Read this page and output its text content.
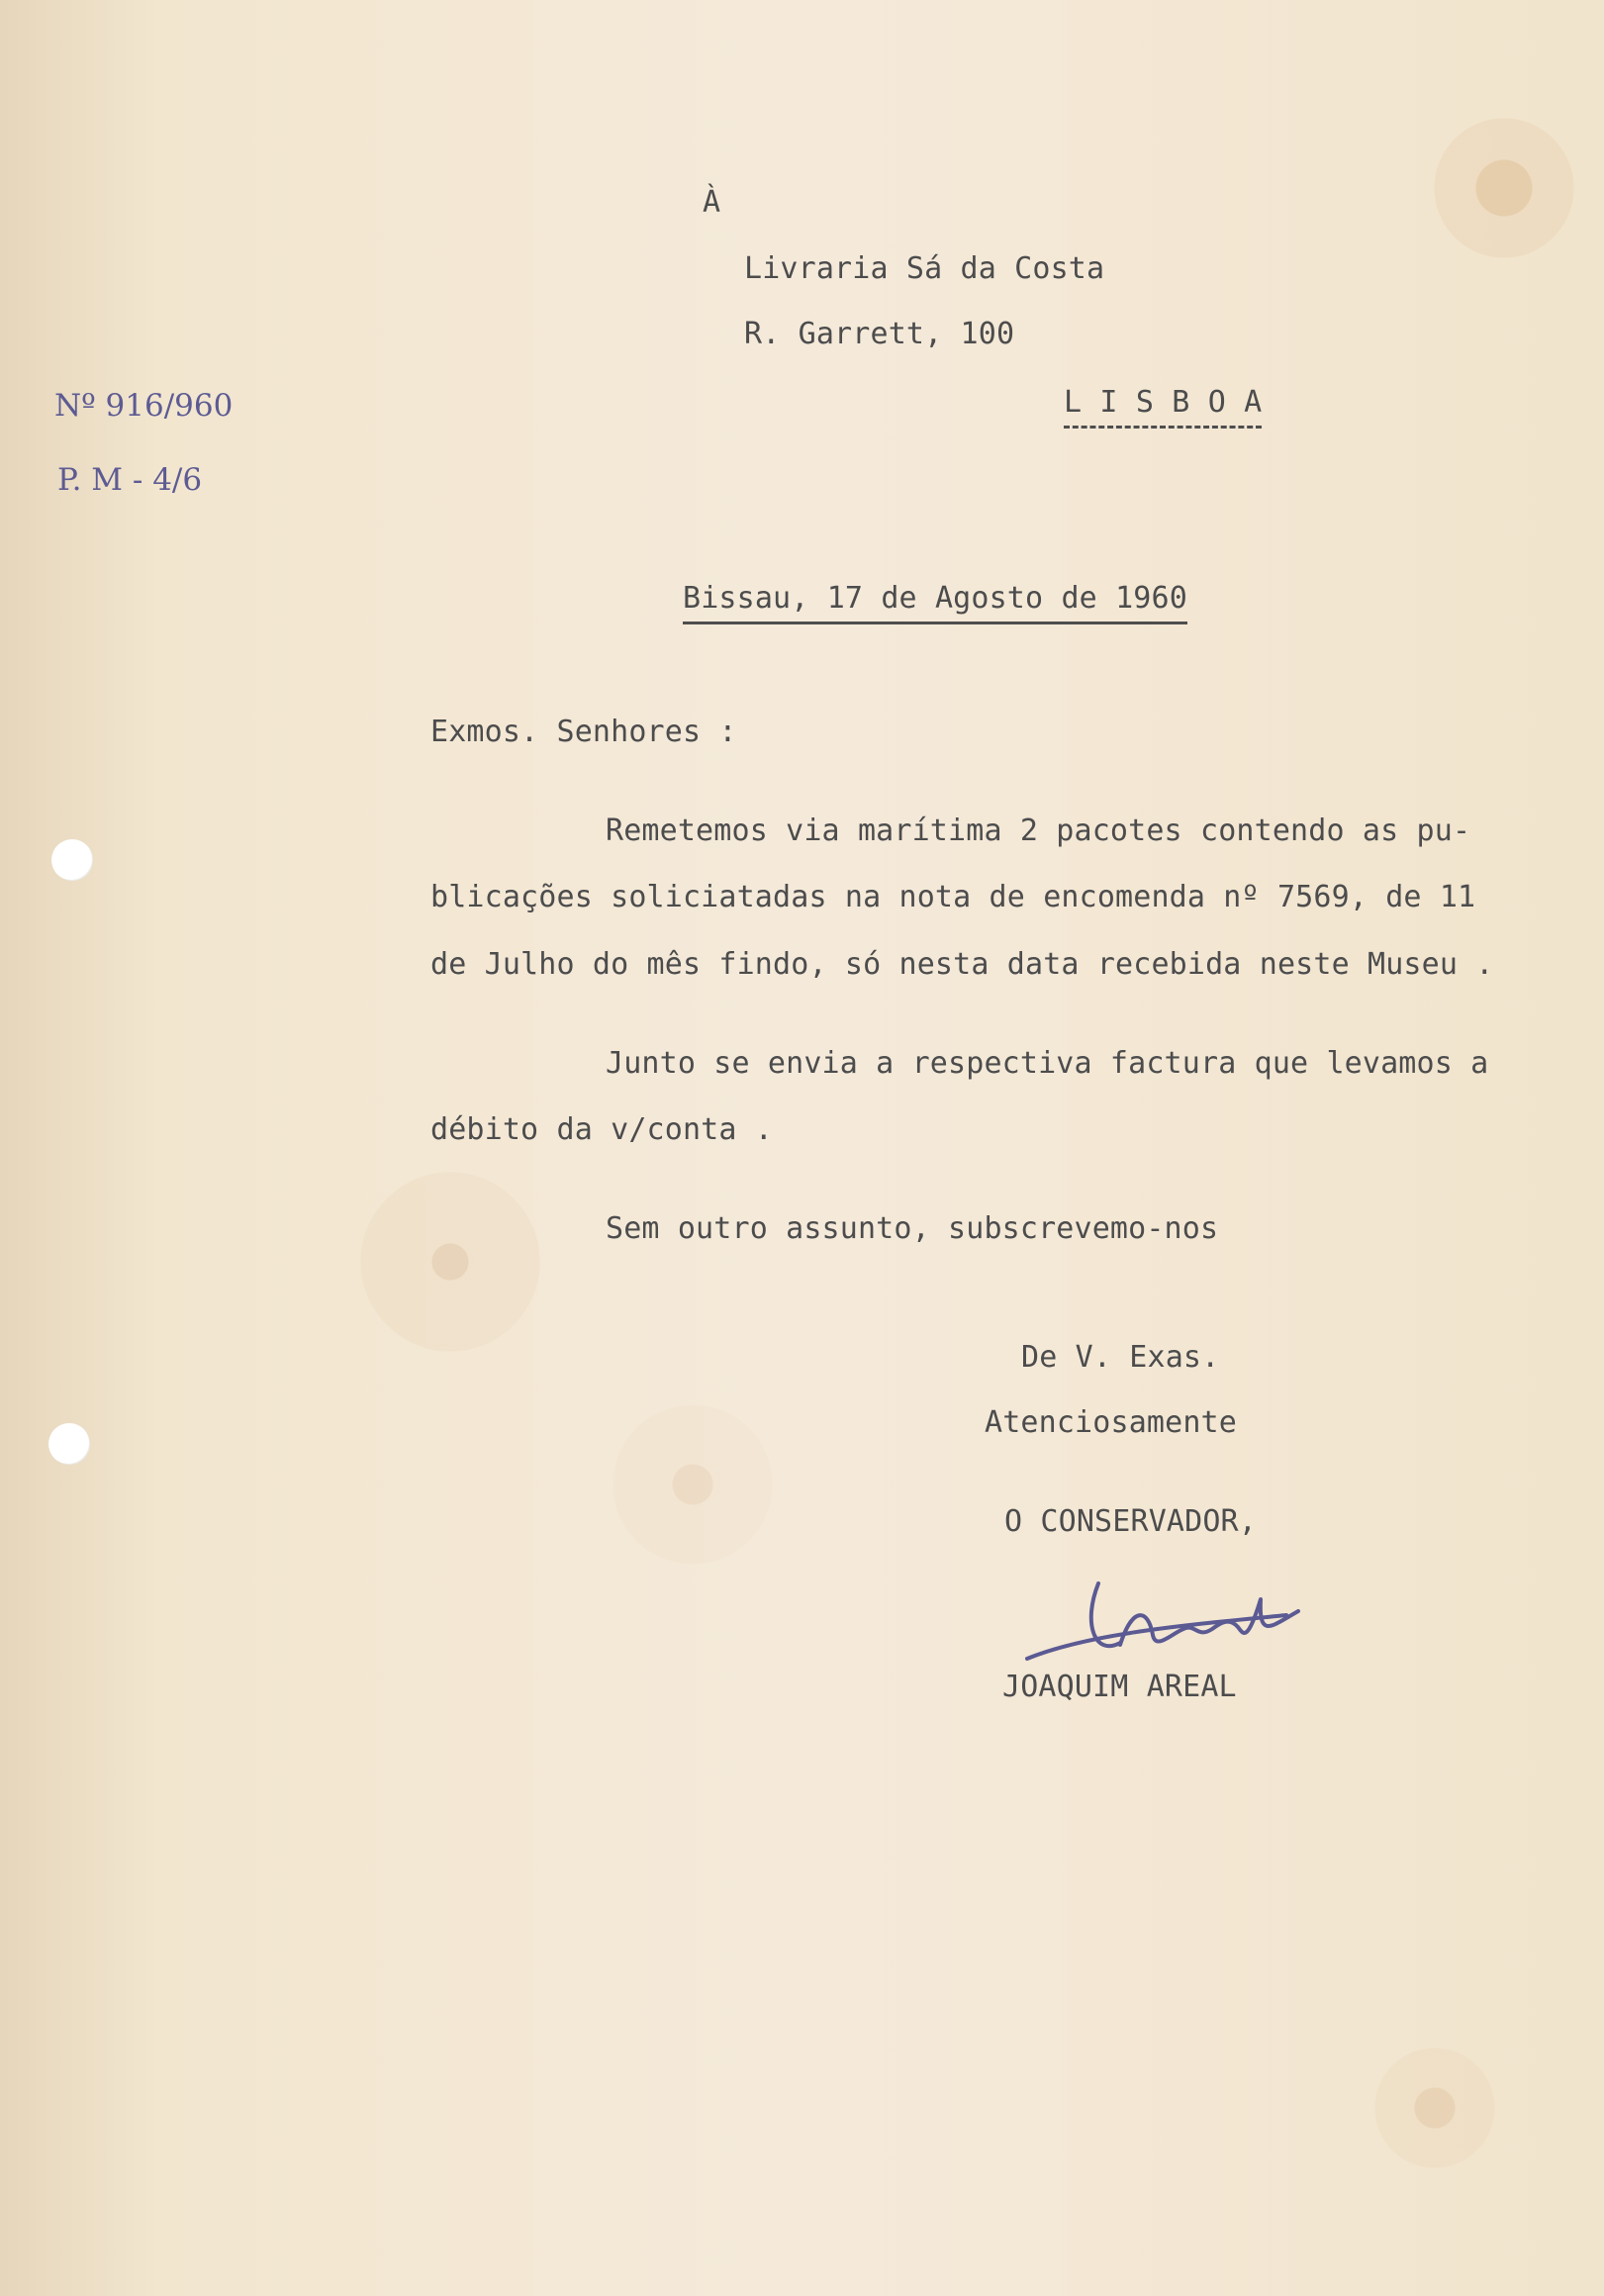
Nº 916/960
P. M - 4/6
À
Livraria Sá da Costa
R. Garrett, 100
L I S B O A
Bissau, 17 de Agosto de 1960
Exmos. Senhores :
Remetemos via marítima 2 pacotes contendo as pu-
blicações soliciatadas na nota de encomenda nº 7569, de 11
de Julho do mês findo, só nesta data recebida neste Museu .
Junto se envia a respectiva factura que levamos a
débito da v/conta .
Sem outro assunto, subscrevemo-nos
De V. Exas.
Atenciosamente
O CONSERVADOR,
JOAQUIM AREAL
